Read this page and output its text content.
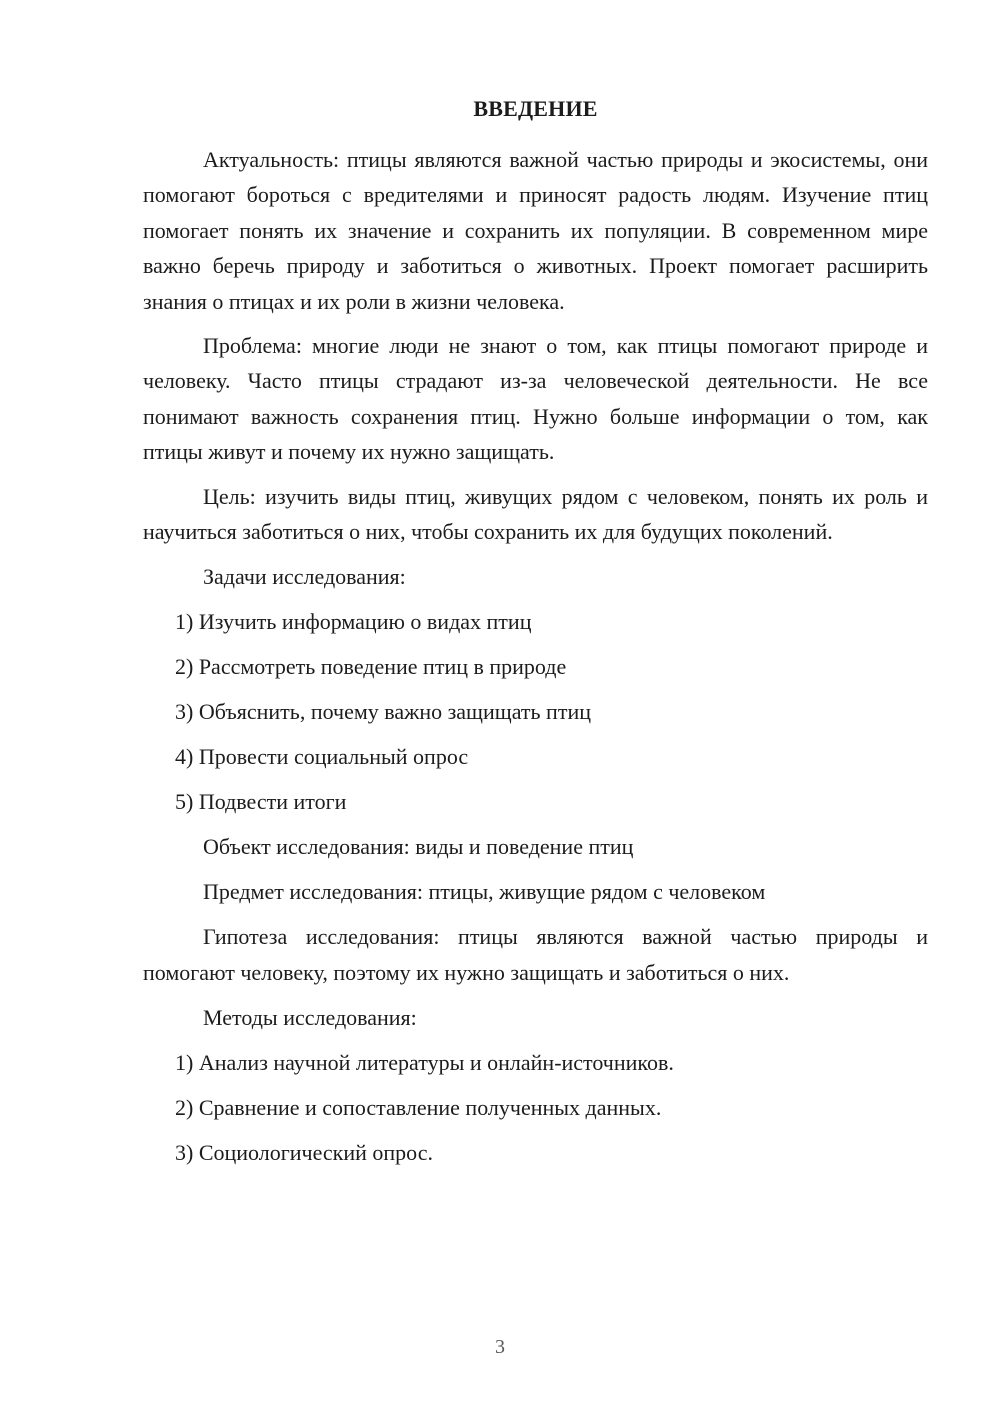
ВВЕДЕНИЕ

Актуальность: птицы являются важной частью природы и экосистемы, они помогают бороться с вредителями и приносят радость людям. Изучение птиц помогает понять их значение и сохранить их популяции. В современном мире важно беречь природу и заботиться о животных. Проект помогает расширить знания о птицах и их роли в жизни человека.

Проблема: многие люди не знают о том, как птицы помогают природе и человеку. Часто птицы страдают из-за человеческой деятельности. Не все понимают важность сохранения птиц. Нужно больше информации о том, как птицы живут и почему их нужно защищать.

Цель: изучить виды птиц, живущих рядом с человеком, понять их роль и научиться заботиться о них, чтобы сохранить их для будущих поколений.

Задачи исследования:
1) Изучить информацию о видах птиц
2) Рассмотреть поведение птиц в природе
3) Объяснить, почему важно защищать птиц
4) Провести социальный опрос
5) Подвести итоги
Объект исследования: виды и поведение птиц
Предмет исследования: птицы, живущие рядом с человеком

Гипотеза исследования: птицы являются важной частью природы и помогают человеку, поэтому их нужно защищать и заботиться о них.

Методы исследования:
1) Анализ научной литературы и онлайн-источников.
2) Сравнение и сопоставление полученных данных.
3) Социологический опрос.
3
